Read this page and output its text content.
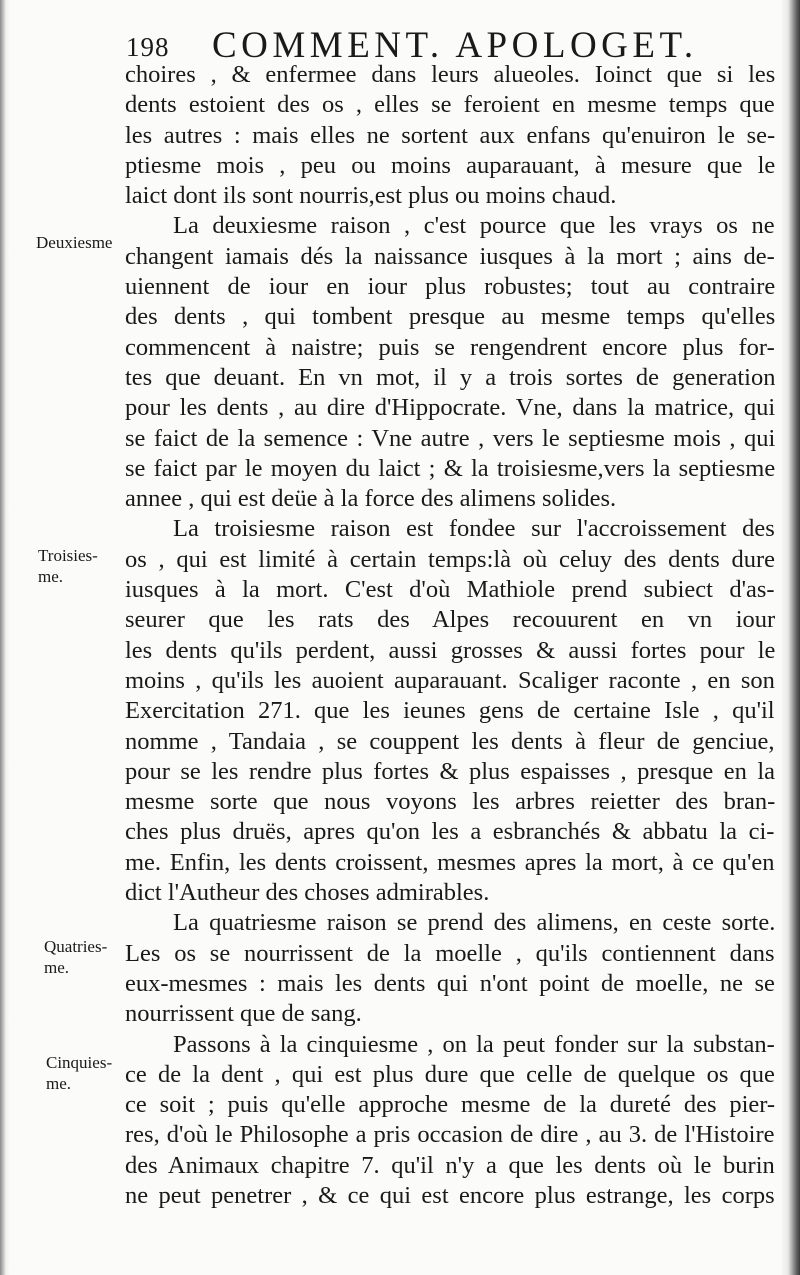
198 COMMENT. APOLOGET.
Deuxiesme
Troisies-
me.
Quatries-
me.
Cinquies-
me.
choires , & enfermee dans leurs alueoles. Ioinct que si les
dents estoient des os , elles se feroient en mesme temps que
les autres : mais elles ne sortent aux enfans qu'enuiron le se-
ptiesme mois , peu ou moins auparauant, à mesure que le
laict dont ils sont nourris,est plus ou moins chaud.
La deuxiesme raison , c'est pource que les vrays os ne
changent iamais dés la naissance iusques à la mort ; ains de-
uiennent de iour en iour plus robustes; tout au contraire
des dents , qui tombent presque au mesme temps qu'elles
commencent à naistre; puis se rengendrent encore plus for-
tes que deuant. En vn mot, il y a trois sortes de generation
pour les dents , au dire d'Hippocrate. Vne, dans la matrice, qui
se faict de la semence : Vne autre , vers le septiesme mois , qui
se faict par le moyen du laict ; & la troisiesme,vers la septiesme
annee , qui est deüe à la force des alimens solides.
La troisiesme raison est fondee sur l'accroissement des
os , qui est limité à certain temps:là où celuy des dents dure
iusques à la mort. C'est d'où Mathiole prend subiect d'as-
seurer que les rats des Alpes recouurent en vn iour
les dents qu'ils perdent, aussi grosses & aussi fortes pour le
moins , qu'ils les auoient auparauant. Scaliger raconte , en son
Exercitation 271. que les ieunes gens de certaine Isle , qu'il
nomme , Tandaia , se couppent les dents à fleur de genciue,
pour se les rendre plus fortes & plus espaisses , presque en la
mesme sorte que nous voyons les arbres reietter des bran-
ches plus druës, apres qu'on les a esbranchés & abbatu la ci-
me. Enfin, les dents croissent, mesmes apres la mort, à ce qu'en
dict l'Autheur des choses admirables.
La quatriesme raison se prend des alimens, en ceste sorte.
Les os se nourrissent de la moelle , qu'ils contiennent dans
eux-mesmes : mais les dents qui n'ont point de moelle, ne se
nourrissent que de sang.
Passons à la cinquiesme , on la peut fonder sur la substan-
ce de la dent , qui est plus dure que celle de quelque os que
ce soit ; puis qu'elle approche mesme de la dureté des pier-
res, d'où le Philosophe a pris occasion de dire , au 3. de l'Histoire
des Animaux chapitre 7. qu'il n'y a que les dents où le burin
ne peut penetrer , & ce qui est encore plus estrange, les corps
